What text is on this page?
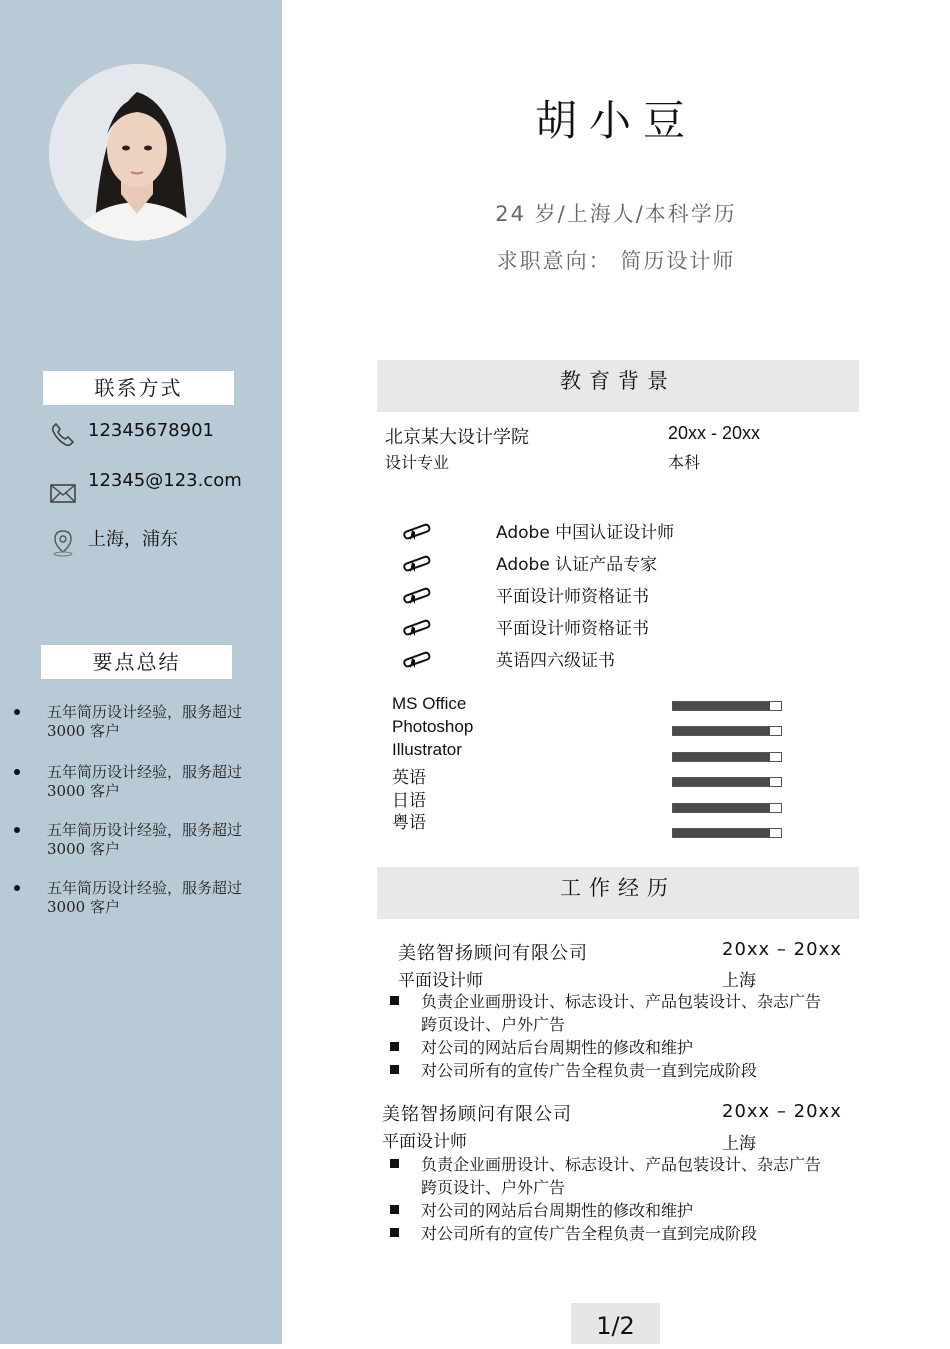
联系方式
12345678901
12345@123.com
上海，浦东
要点总结
五年简历设计经验，服务超过 3000 客户
五年简历设计经验，服务超过 3000 客户
五年简历设计经验，服务超过 3000 客户
五年简历设计经验，服务超过 3000 客户
胡小豆
24 岁/上海人/本科学历
求职意向： 简历设计师
教育背景
北京某大设计学院	20xx - 20xx
设计专业	本科
Adobe 中国认证设计师
Adobe 认证产品专家
平面设计师资格证书
平面设计师资格证书
英语四六级证书
MS Office
Photoshop
Illustrator
英语
日语
粤语
工作经历
美铭智扬顾问有限公司	20xx – 20xx
平面设计师	上海
负责企业画册设计、标志设计、产品包装设计、杂志广告跨页设计、户外广告
对公司的网站后台周期性的修改和维护
对公司所有的宣传广告全程负责一直到完成阶段
美铭智扬顾问有限公司	20xx – 20xx
平面设计师	上海
负责企业画册设计、标志设计、产品包装设计、杂志广告跨页设计、户外广告
对公司的网站后台周期性的修改和维护
对公司所有的宣传广告全程负责一直到完成阶段
1/2
